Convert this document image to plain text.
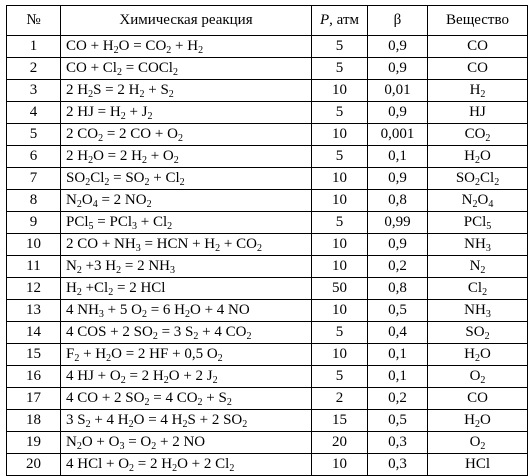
№	Химическая реакция	P, атм	β	Вещество
1	CO + $H_2O = CO_2 + H_2$	5	0,9	CO
2	CO + $Cl_2$ = COCl$_2$	5	0,9	CO
3	2 $H_2S = 2$ $H_2 + S_2$	10	0,01	$H_2$
4	2 HJ = $H_2 + J_2$	5	0,9	HJ
5	2 $CO_2 = 2$ CO + $O_2$	10	0,001	$CO_2$
6	2 $H_2O = 2$ $H_2 + O_2$	5	0,1	$H_2O$
7	$SO_2Cl_2 = SO_2 + Cl_2$	10	0,9	$SO_2Cl_2$
8	$N_2O_4 = 2$ $NO_2$	10	0,8	$N_2O_4$
9	$PCl_5 = PCl_3 + Cl_2$	5	0,99	PCl$_5$
10	2 CO + $NH_3$ = HCN + $H_2 + CO_2$	10	0,9	$NH_3$
11	$N_2 +3$ $H_2 = 2$ $NH_3$	10	0,2	$N_2$
12	$H_2 +Cl_2 = 2$ HCl	50	0,8	$Cl_2$
13	4 $NH_3 + 5$ $O_2 = 6$ $H_2O + 4$ NO	10	0,5	$NH_3$
14	4 COS + 2 $SO_2 = 3$ $S_2 + 4$ $CO_2$	5	0,4	$SO_2$
15	$F_2 + H_2O = 2$ HF + 0,5 $O_2$	10	0,1	$H_2O$
16	4 HJ + $O_2 = 2$ $H_2O + 2$ $J_2$	5	0,1	$O_2$
17	4 CO + 2 $SO_2 = 4$ $CO_2 + S_2$	2	0,2	CO
18	3 $S_2 + 4$ $H_2O = 4$ $H_2S + 2$ $SO_2$	15	0,5	$H_2O$
19	$N_2O + O_3 = O_2 + 2$ NO	20	0,3	$O_2$
20	4 HCl + $O_2 = 2$ $H_2O + 2$ $Cl_2$	10	0,3	HCl
